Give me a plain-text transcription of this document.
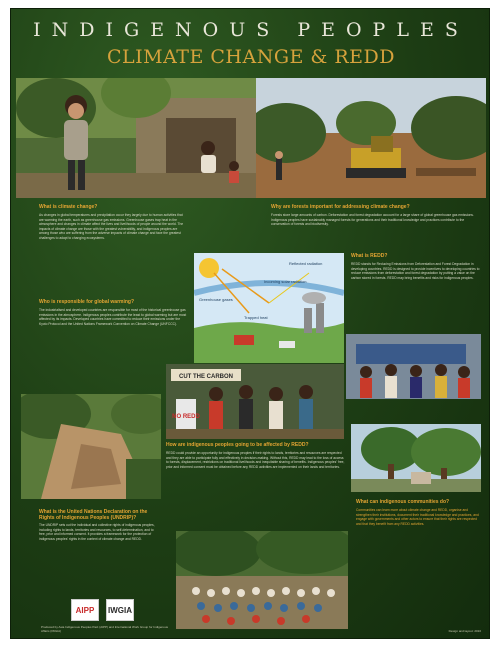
INDIGENOUS PEOPLES
CLIMATE CHANGE & REDD
What is climate change?
As changes in global temperatures and precipitation occur they largely due to human activities that are warming the earth, such as greenhouse gas emissions. Greenhouse gases trap heat in the atmosphere and changes in climate affect the lives and livelihoods of people around the world. The impacts of climate change are those with the greatest vulnerability, and indigenous peoples are among those who are suffering from the adverse impacts of climate change and face the greatest challenges to adapt to changing ecosystems.
Who is responsible for global warming?
The industrialised and developed countries are responsible for most of the historical greenhouse gas emissions in the atmosphere. Indigenous peoples contribute the least to global warming but are most affected by its impacts. Developed countries have committed to reduce their emissions under the Kyoto Protocol and the United Nations Framework Convention on Climate Change (UNFCCC).
Why are forests important for addressing climate change?
Forests store large amounts of carbon. Deforestation and forest degradation account for a large share of global greenhouse gas emissions. Indigenous peoples have sustainably managed forests for generations and their traditional knowledge and practices contribute to the conservation of forests and biodiversity.
What is REDD?
REDD stands for Reducing Emissions from Deforestation and Forest Degradation in developing countries. REDD is designed to provide incentives to developing countries to reduce emissions from deforestation and forest degradation by putting a value on the carbon stored in forests. REDD may bring benefits and risks for indigenous peoples.
Incoming solar radiation
Reflected radiation
Greenhouse gases
Trapped heat
CUT THE CARBON
NO REDD
How are indigenous peoples going to be affected by REDD?
REDD could provide an opportunity for indigenous peoples if their rights to lands, territories and resources are respected and they are able to participate fully and effectively in decision-making. Without this, REDD may lead to the loss of access to forests, displacement, restrictions on traditional livelihoods and inequitable sharing of benefits. Indigenous peoples' free, prior and informed consent must be obtained before any REDD activities are implemented on their lands and territories.
What is the United Nations Declaration on the Rights of Indigenous Peoples (UNDRIP)?
The UNDRIP sets out the individual and collective rights of indigenous peoples, including rights to lands, territories and resources, to self-determination, and to free, prior and informed consent. It provides a framework for the protection of indigenous peoples' rights in the context of climate change and REDD.
What can indigenous communities do?
Communities can learn more about climate change and REDD, organise and strengthen their institutions, document their traditional knowledge and practices, and engage with governments and other actors to ensure that their rights are respected and that they benefit from any REDD activities.
AIPP	IWGIA
Produced by Asia Indigenous Peoples Pact (AIPP) and International Work Group for Indigenous Affairs (IWGIA)	Design and layout: 2010
